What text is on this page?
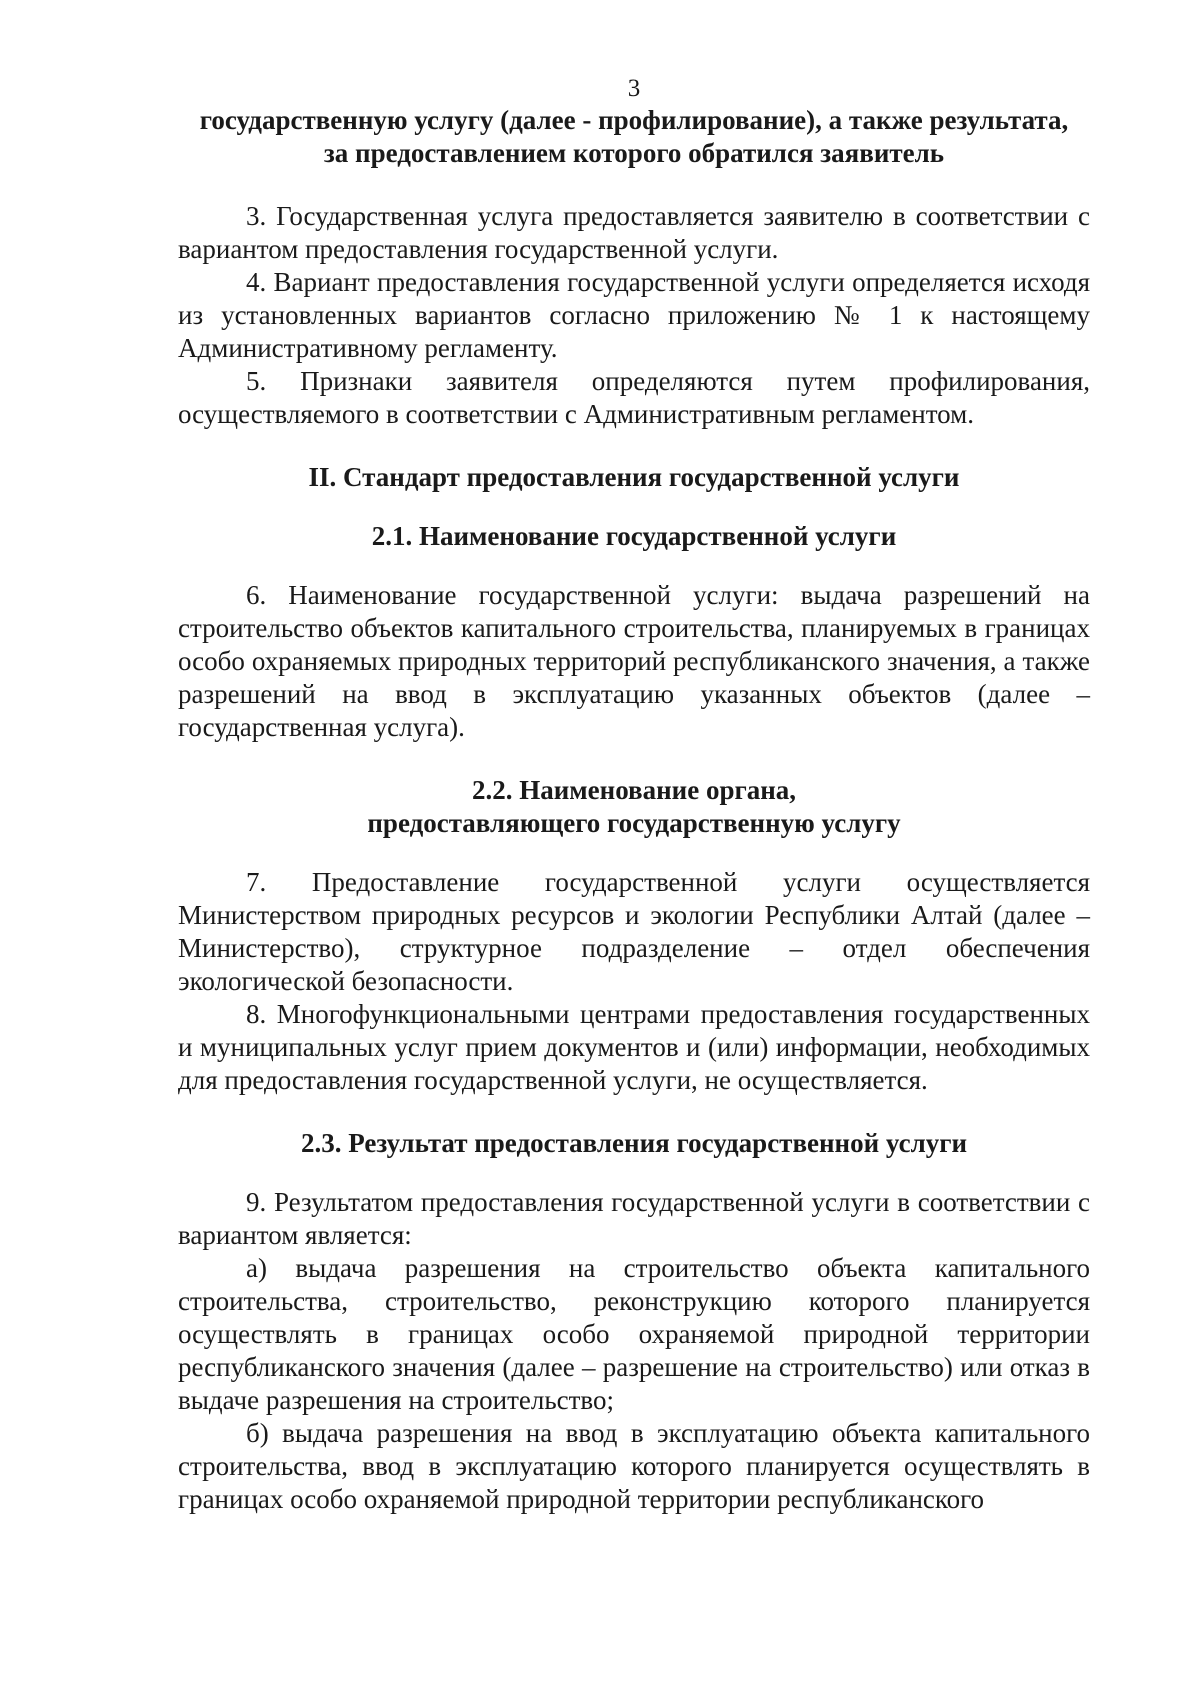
3

государственную услугу (далее - профилирование), а также результата,
за предоставлением которого обратился заявитель

3. Государственная услуга предоставляется заявителю в соответствии с вариантом предоставления государственной услуги.

4. Вариант предоставления государственной услуги определяется исходя из установленных вариантов согласно приложению № 1 к настоящему Административному регламенту.

5. Признаки заявителя определяются путем профилирования, осуществляемого в соответствии с Административным регламентом.

II. Стандарт предоставления государственной услуги

2.1. Наименование государственной услуги

6. Наименование государственной услуги: выдача разрешений на строительство объектов капитального строительства, планируемых в границах особо охраняемых природных территорий республиканского значения, а также разрешений на ввод в эксплуатацию указанных объектов (далее – государственная услуга).

2.2. Наименование органа,
предоставляющего государственную услугу

7. Предоставление государственной услуги осуществляется Министерством природных ресурсов и экологии Республики Алтай (далее – Министерство), структурное подразделение – отдел обеспечения экологической безопасности.

8. Многофункциональными центрами предоставления государственных и муниципальных услуг прием документов и (или) информации, необходимых для предоставления государственной услуги, не осуществляется.

2.3. Результат предоставления государственной услуги

9. Результатом предоставления государственной услуги в соответствии с вариантом является:

а) выдача разрешения на строительство объекта капитального строительства, строительство, реконструкцию которого планируется осуществлять в границах особо охраняемой природной территории республиканского значения (далее – разрешение на строительство) или отказ в выдаче разрешения на строительство;

б) выдача разрешения на ввод в эксплуатацию объекта капитального строительства, ввод в эксплуатацию которого планируется осуществлять в границах особо охраняемой природной территории республиканского
